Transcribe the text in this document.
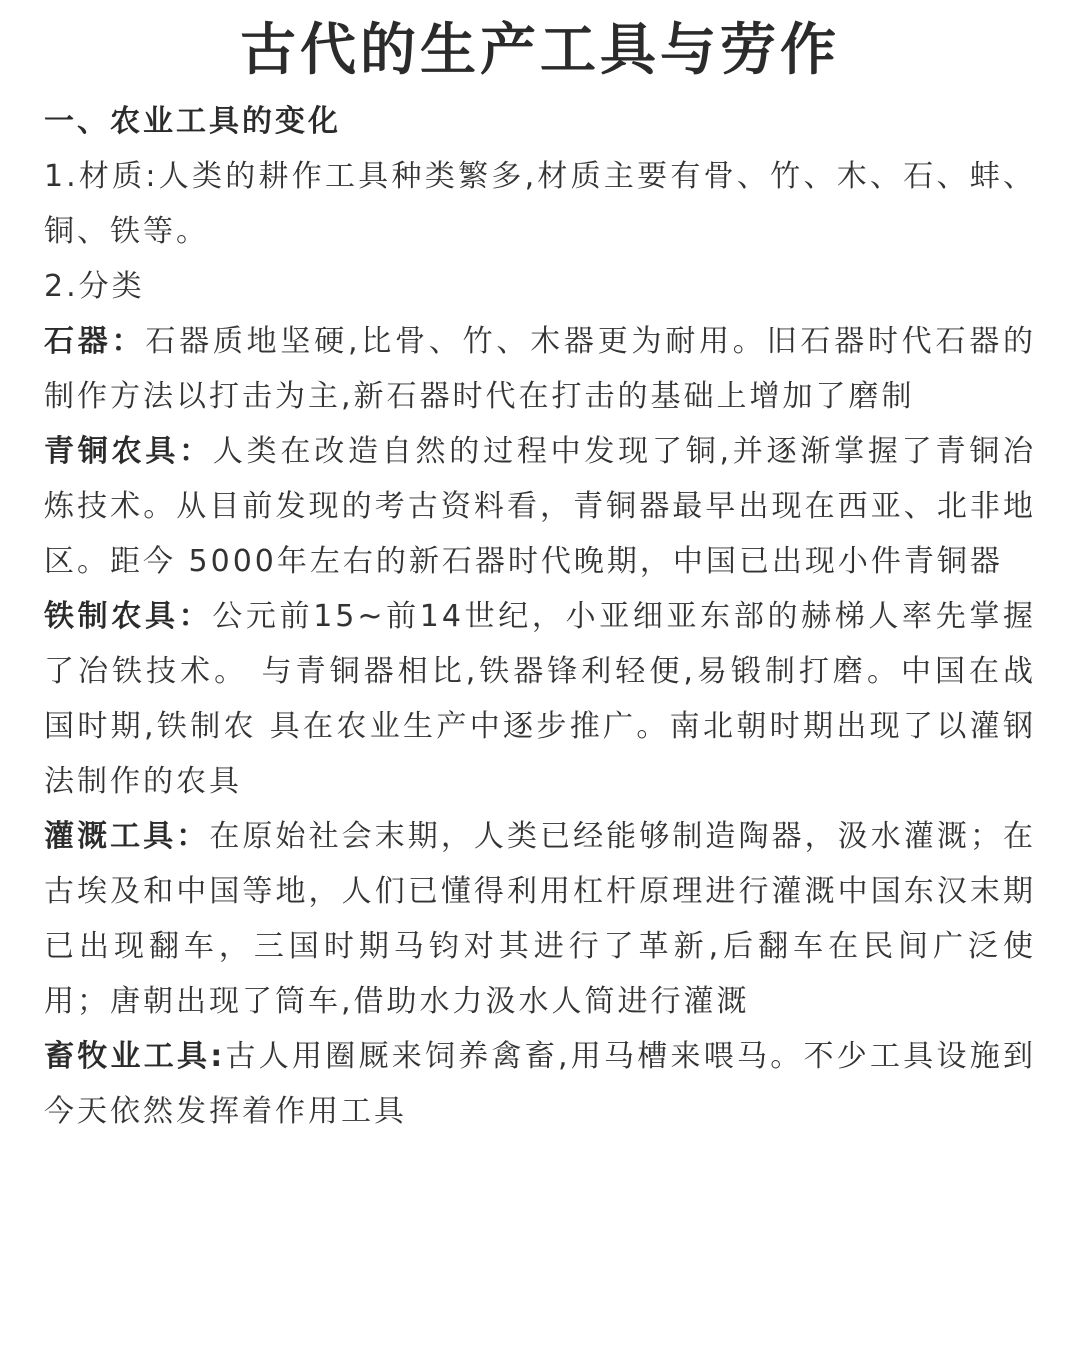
古代的生产工具与劳作

一、农业工具的变化

1.材质:人类的耕作工具种类繁多,材质主要有骨、竹、木、石、蚌、铜、铁等。

2.分类

石器：石器质地坚硬,比骨、竹、木器更为耐用。旧石器时代石器的制作方法以打击为主,新石器时代在打击的基础上增加了磨制

青铜农具：人类在改造自然的过程中发现了铜,并逐渐掌握了青铜冶炼技术。从目前发现的考古资料看，青铜器最早出现在西亚、北非地区。距今 5000年左右的新石器时代晚期，中国已出现小件青铜器

铁制农具：公元前15~前14世纪，小亚细亚东部的赫梯人率先掌握了冶铁技术。 与青铜器相比,铁器锋利轻便,易锻制打磨。中国在战国时期,铁制农 具在农业生产中逐步推广。南北朝时期出现了以灌钢法制作的农具

灌溉工具：在原始社会末期，人类已经能够制造陶器，汲水灌溉；在古埃及和中国等地，人们已懂得利用杠杆原理进行灌溉中国东汉末期已出现翻车，三国时期马钧对其进行了革新,后翻车在民间广泛使用；唐朝出现了筒车,借助水力汲水人简进行灌溉

畜牧业工具:古人用圈厩来饲养禽畜,用马槽来喂马。不少工具设施到今天依然发挥着作用工具
